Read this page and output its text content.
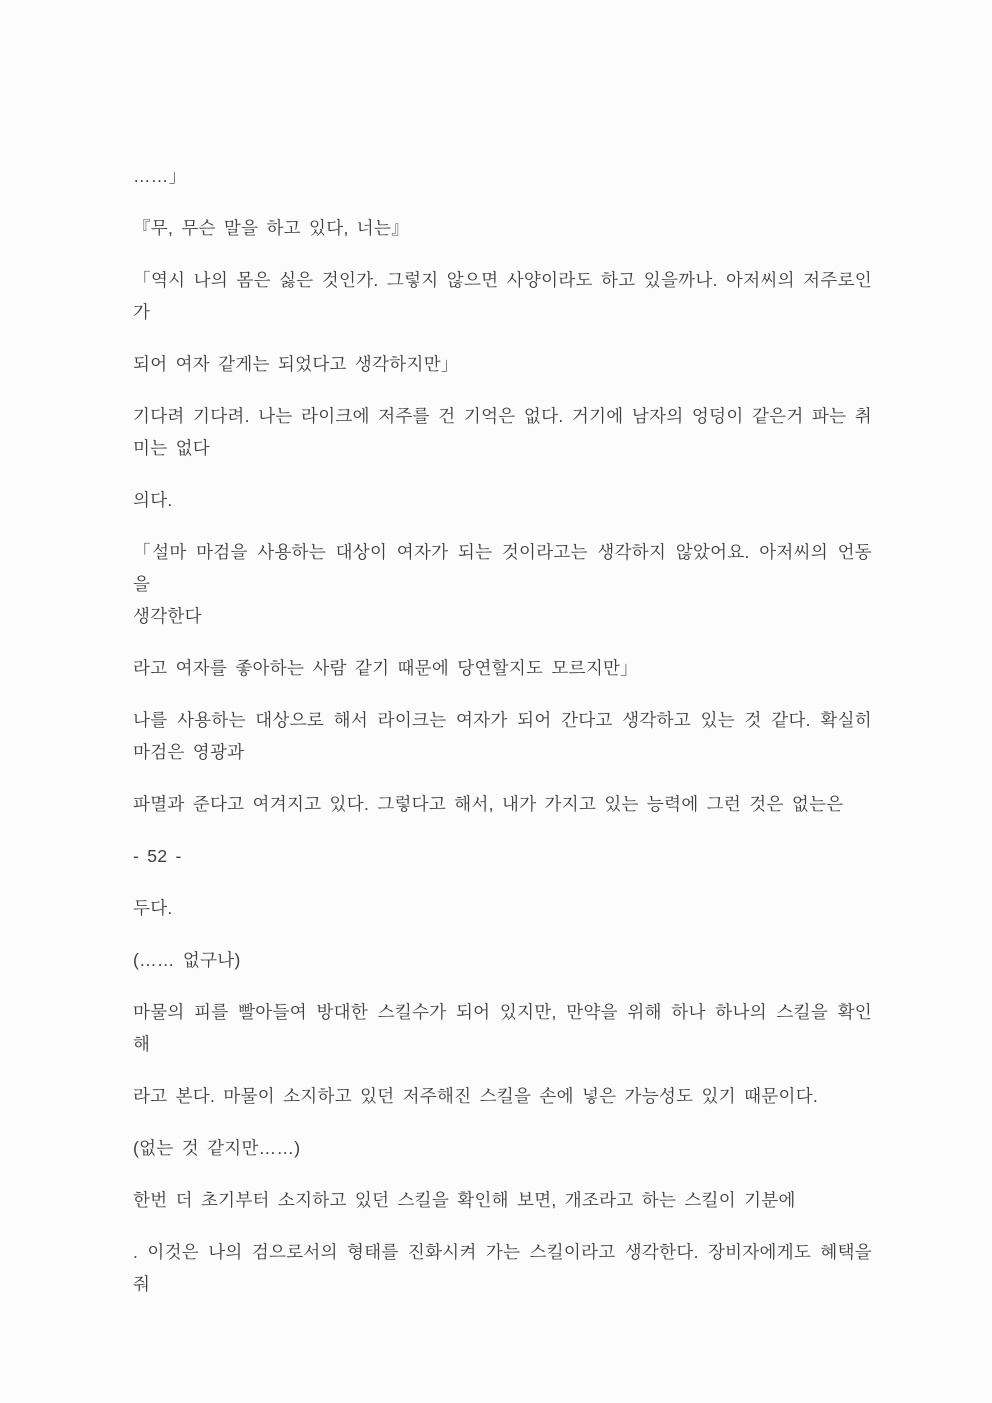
……」

『무, 무슨 말을 하고 있다, 너는』

「역시 나의 몸은 싫은 것인가. 그렇지 않으면 사양이라도 하고 있을까나. 아저씨의 저주로인
가

되어 여자 같게는 되었다고 생각하지만」

기다려 기다려. 나는 라이크에 저주를 건 기억은 없다. 거기에 남자의 엉덩이 같은거 파는 취
미는 없다

의다.

「설마 마검을 사용하는 대상이 여자가 되는 것이라고는 생각하지 않았어요. 아저씨의 언동을
생각한다

라고 여자를 좋아하는 사람 같기 때문에 당연할지도 모르지만」

나를 사용하는 대상으로 해서 라이크는 여자가 되어 간다고 생각하고 있는 것 같다. 확실히
마검은 영광과

파멸과 준다고 여겨지고 있다. 그렇다고 해서, 내가 가지고 있는 능력에 그런 것은 없는은

- 52 -

두다.

(…… 없구나)

마물의 피를 빨아들여 방대한 스킬수가 되어 있지만, 만약을 위해 하나 하나의 스킬을 확인해

라고 본다. 마물이 소지하고 있던 저주해진 스킬을 손에 넣은 가능성도 있기 때문이다.

(없는 것 같지만……)

한번 더 초기부터 소지하고 있던 스킬을 확인해 보면, 개조라고 하는 스킬이 기분에

. 이것은 나의 검으로서의 형태를 진화시켜 가는 스킬이라고 생각한다. 장비자에게도 혜택을
줘
